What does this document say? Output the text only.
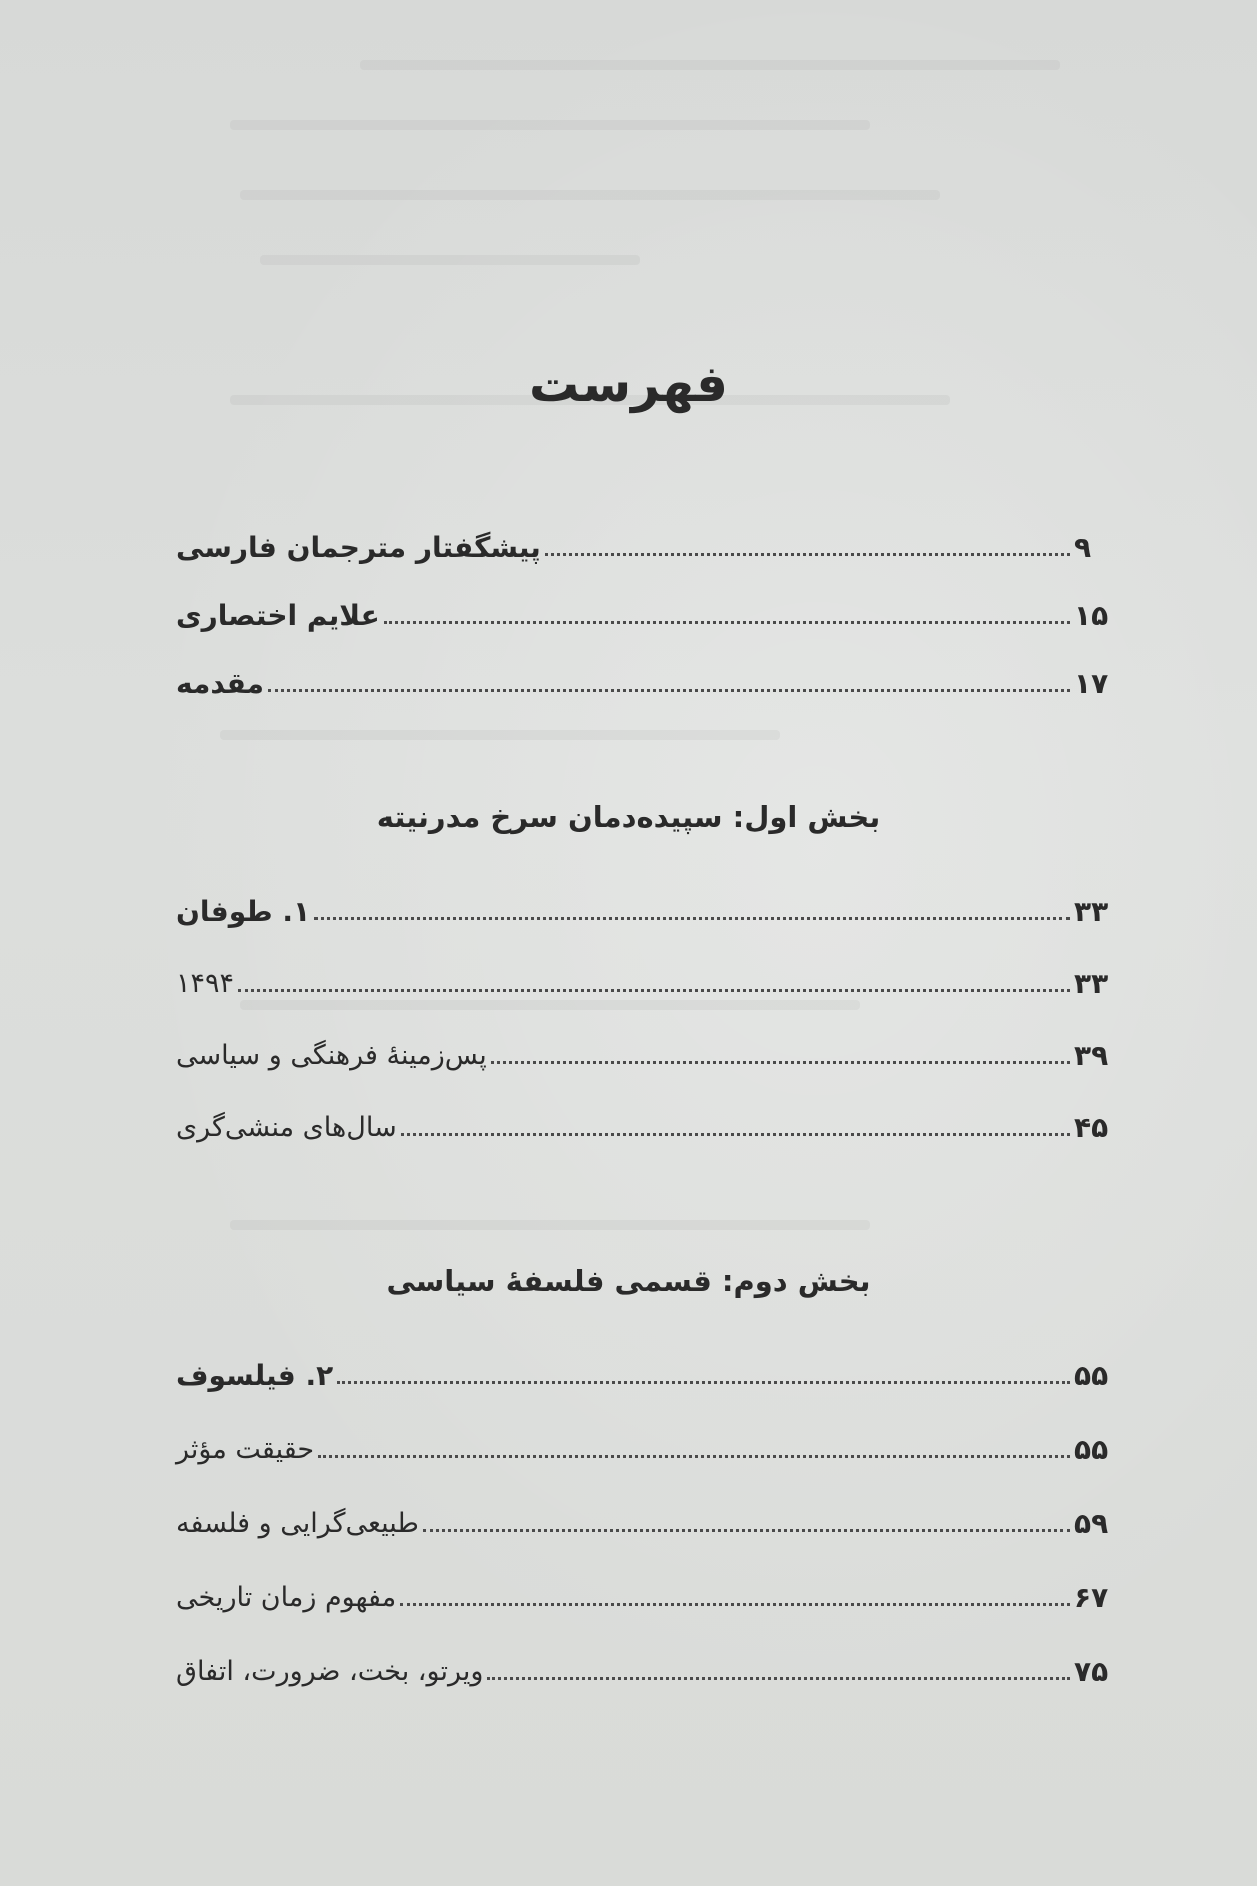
فهرست
پیشگفتار مترجمان فارسی	۹
علایم اختصاری	۱۵
مقدمه	۱۷
بخش اول: سپیده‌دمان سرخ مدرنیته
۱. طوفان	۳۳
۱۴۹۴	۳۳
پس‌زمینهٔ فرهنگی و سیاسی	۳۹
سال‌های منشی‌گری	۴۵
بخش دوم: قسمی فلسفهٔ سیاسی
۲. فیلسوف	۵۵
حقیقت مؤثر	۵۵
طبیعی‌گرایی و فلسفه	۵۹
مفهوم زمان تاریخی	۶۷
ویرتو، بخت، ضرورت، اتفاق	۷۵
